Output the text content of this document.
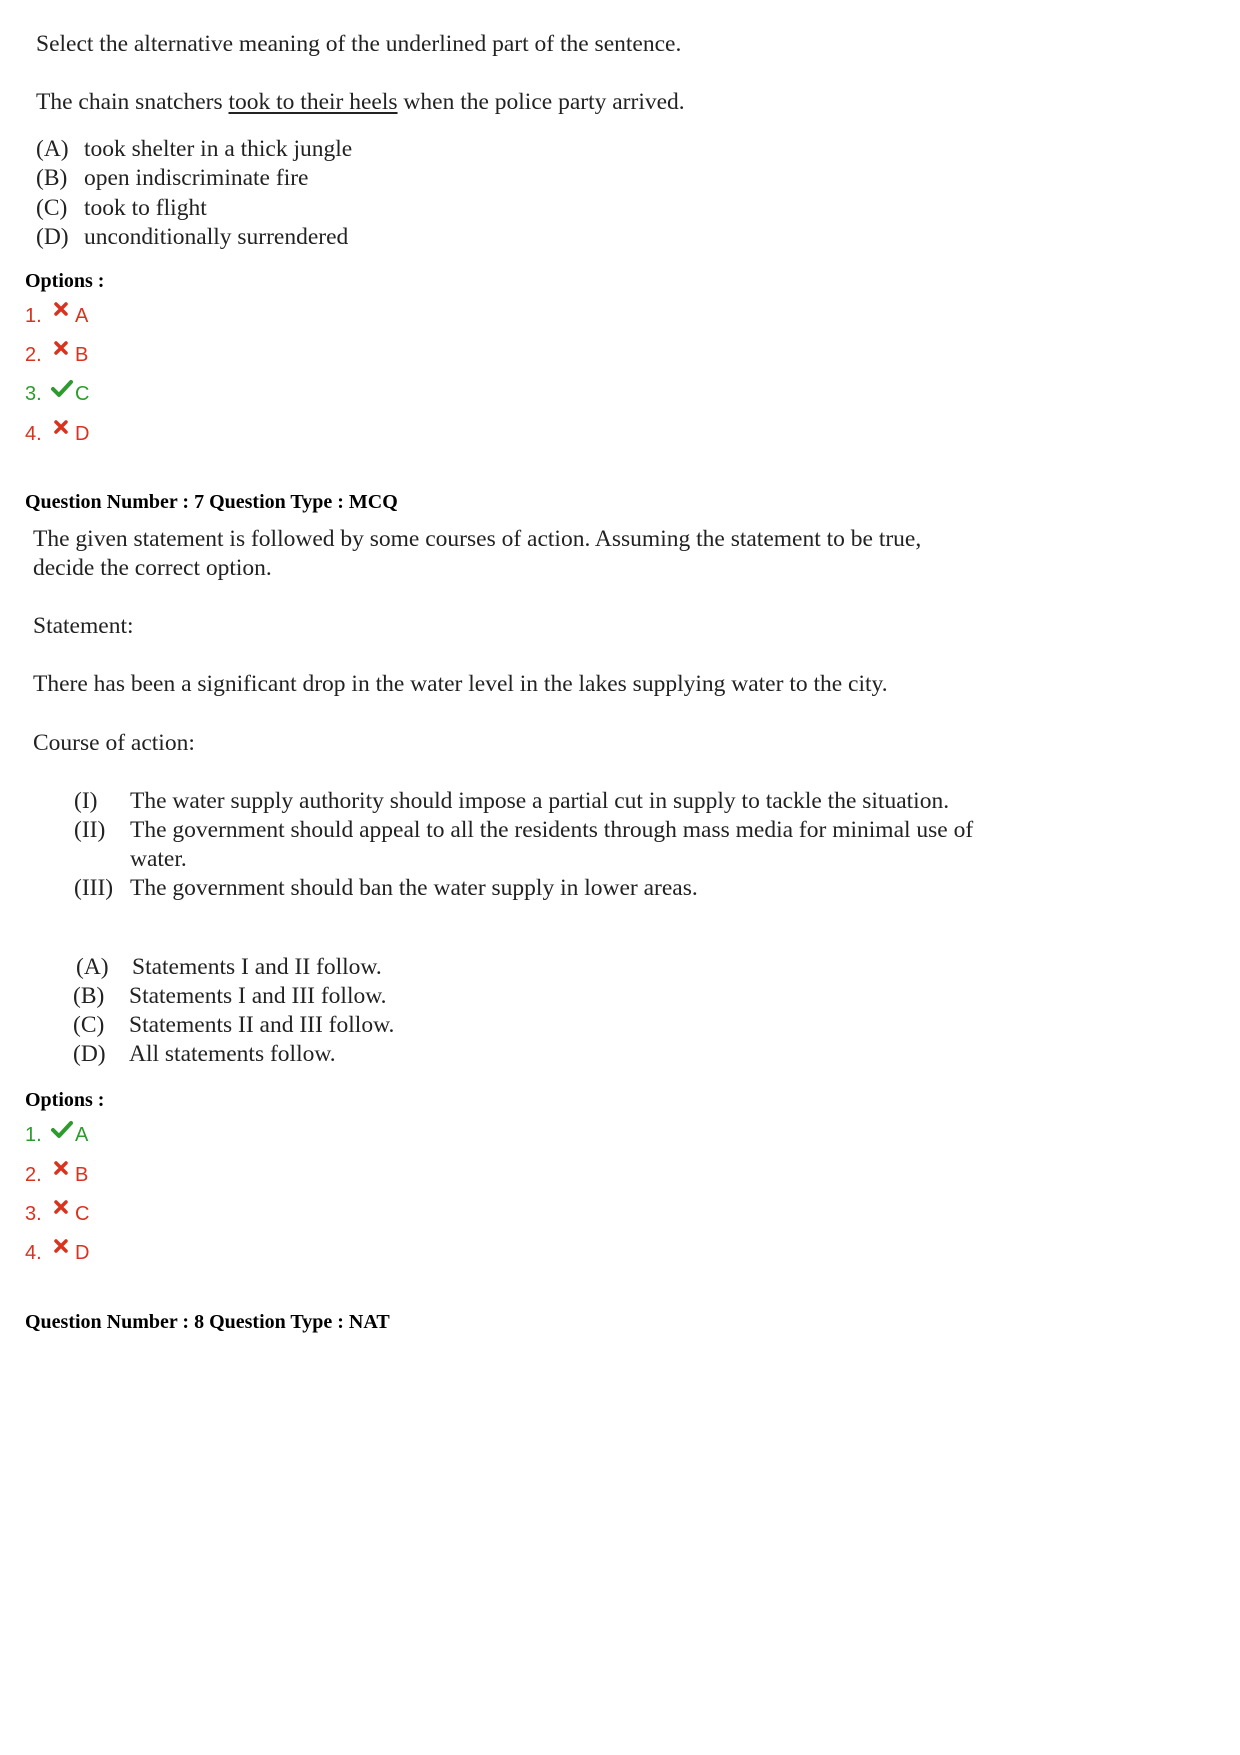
Select the alternative meaning of the underlined part of the sentence.
The chain snatchers took to their heels when the police party arrived.
(A) took shelter in a thick jungle
(B) open indiscriminate fire
(C) took to flight
(D) unconditionally surrendered
Options :
1. A
2. B
3. C
4. D
Question Number : 7 Question Type : MCQ
The given statement is followed by some courses of action. Assuming the statement to be true,
decide the correct option.
Statement:
There has been a significant drop in the water level in the lakes supplying water to the city.
Course of action:
(I) The water supply authority should impose a partial cut in supply to tackle the situation.
(II) The government should appeal to all the residents through mass media for minimal use of
water.
(III) The government should ban the water supply in lower areas.
(A) Statements I and II follow.
(B) Statements I and III follow.
(C) Statements II and III follow.
(D) All statements follow.
Options :
1. A
2. B
3. C
4. D
Question Number : 8 Question Type : NAT
